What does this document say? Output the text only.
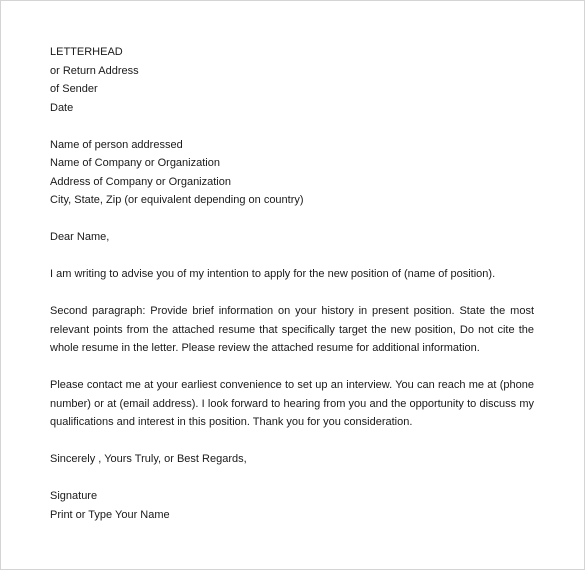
LETTERHEAD
or Return Address
of Sender
Date
Name of person addressed
Name of Company or Organization
Address of Company or Organization
City, State, Zip (or equivalent depending on country)
Dear Name,
I am writing to advise you of my intention to apply for the new position of (name of position).
Second paragraph: Provide brief information on your history in present position. State the most relevant points from the attached resume that specifically target the new position, Do not cite the whole resume in the letter. Please review the attached resume for additional information.
Please contact me at your earliest convenience to set up an interview. You can reach me at (phone number) or at (email address). I look forward to hearing from you and the opportunity to discuss my qualifications and interest in this position. Thank you for you consideration.
Sincerely , Yours Truly, or Best Regards,
Signature
Print or Type Your Name
